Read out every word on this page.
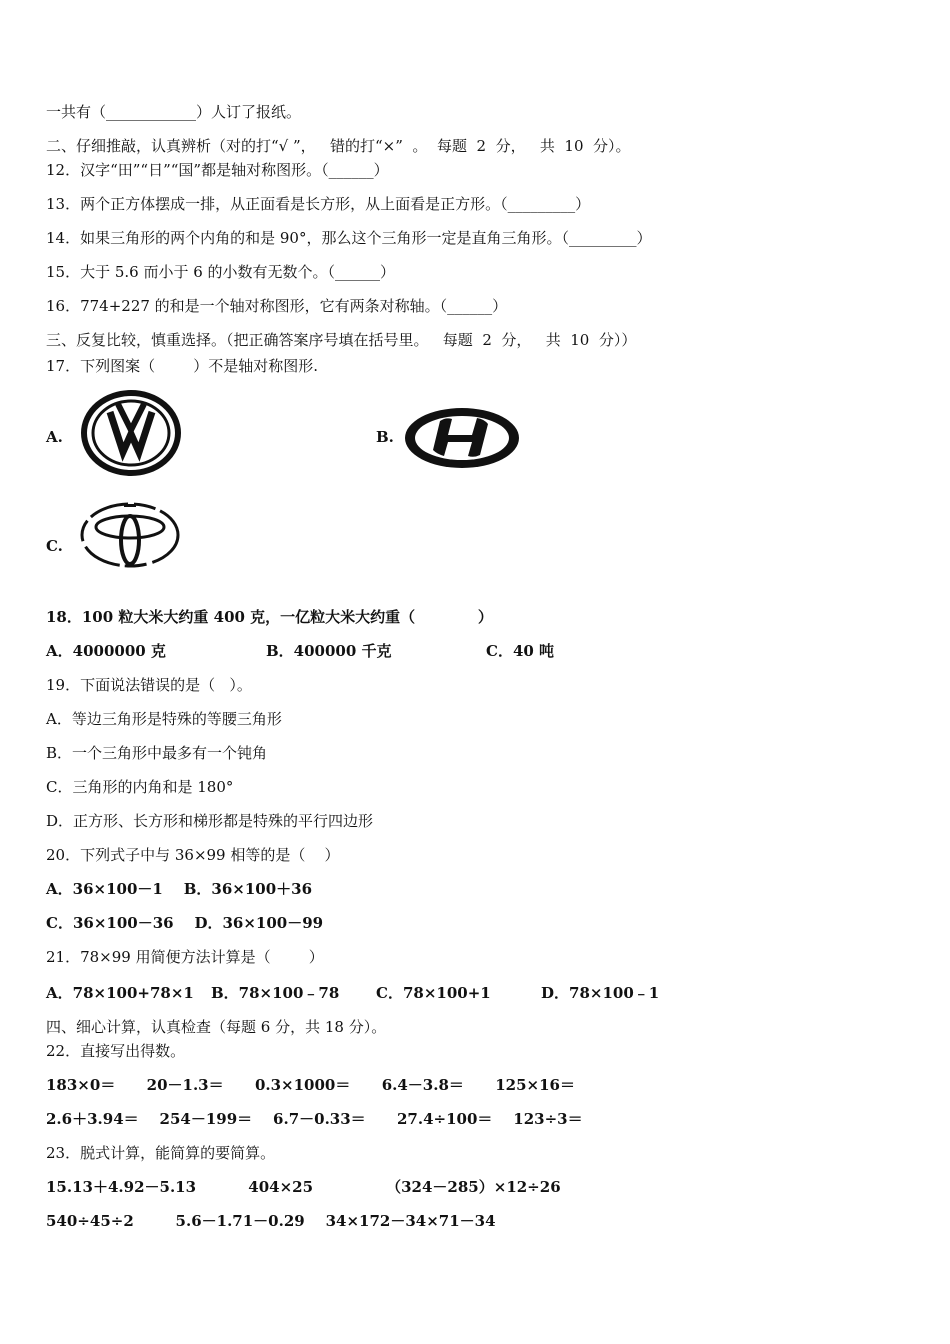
一共有（____________）人订了报纸。
二、仔细推敲，认真辨析（对的打“√ ”，   错的打“×”  。  每题  2  分，   共  10  分）。
12．汉字“田”“日”“国”都是轴对称图形。（______）
13．两个正方体摆成一排，从正面看是长方形，从上面看是正方形。（_________）
14．如果三角形的两个内角的和是 90°，那么这个三角形一定是直角三角形。（_________）
15．大于 5.6 而小于 6 的小数有无数个。（______）
16．774+227 的和是一个轴对称图形，它有两条对称轴。（______）
三、反复比较，慎重选择。（把正确答案序号填在括号里。   每题  2  分，   共  10  分））
17．下列图案（        ）不是轴对称图形.
A.	B.
C.
18．100 粒大米大约重 400 克，一亿粒大米大约重（            ）
A．4000000 克	B．400000 千克	C．40 吨
19．下面说法错误的是（   ）。
A．等边三角形是特殊的等腰三角形
B．一个三角形中最多有一个钝角
C．三角形的内角和是 180°
D．正方形、长方形和梯形都是特殊的平行四边形
20．下列式子中与 36×99 相等的是（    ）
A．36×100－1    B．36×100＋36
C．36×100－36    D．36×100－99
21．78×99 用简便方法计算是（        ）
A．78×100+78×1 B．78×100﹣78 C．78×100+1	D．78×100﹣1
四、细心计算，认真检查（每题 6 分，共 18 分）。
22．直接写出得数。
183×0＝      20－1.3＝      0.3×1000＝      6.4－3.8＝      125×16＝
2.6＋3.94＝    254－199＝    6.7－0.33＝      27.4÷100＝    123÷3＝
23．脱式计算，能简算的要简算。
15.13＋4.92－5.13          404×25              （324－285）×12÷26
540÷45÷2        5.6－1.71－0.29    34×172－34×71－34
